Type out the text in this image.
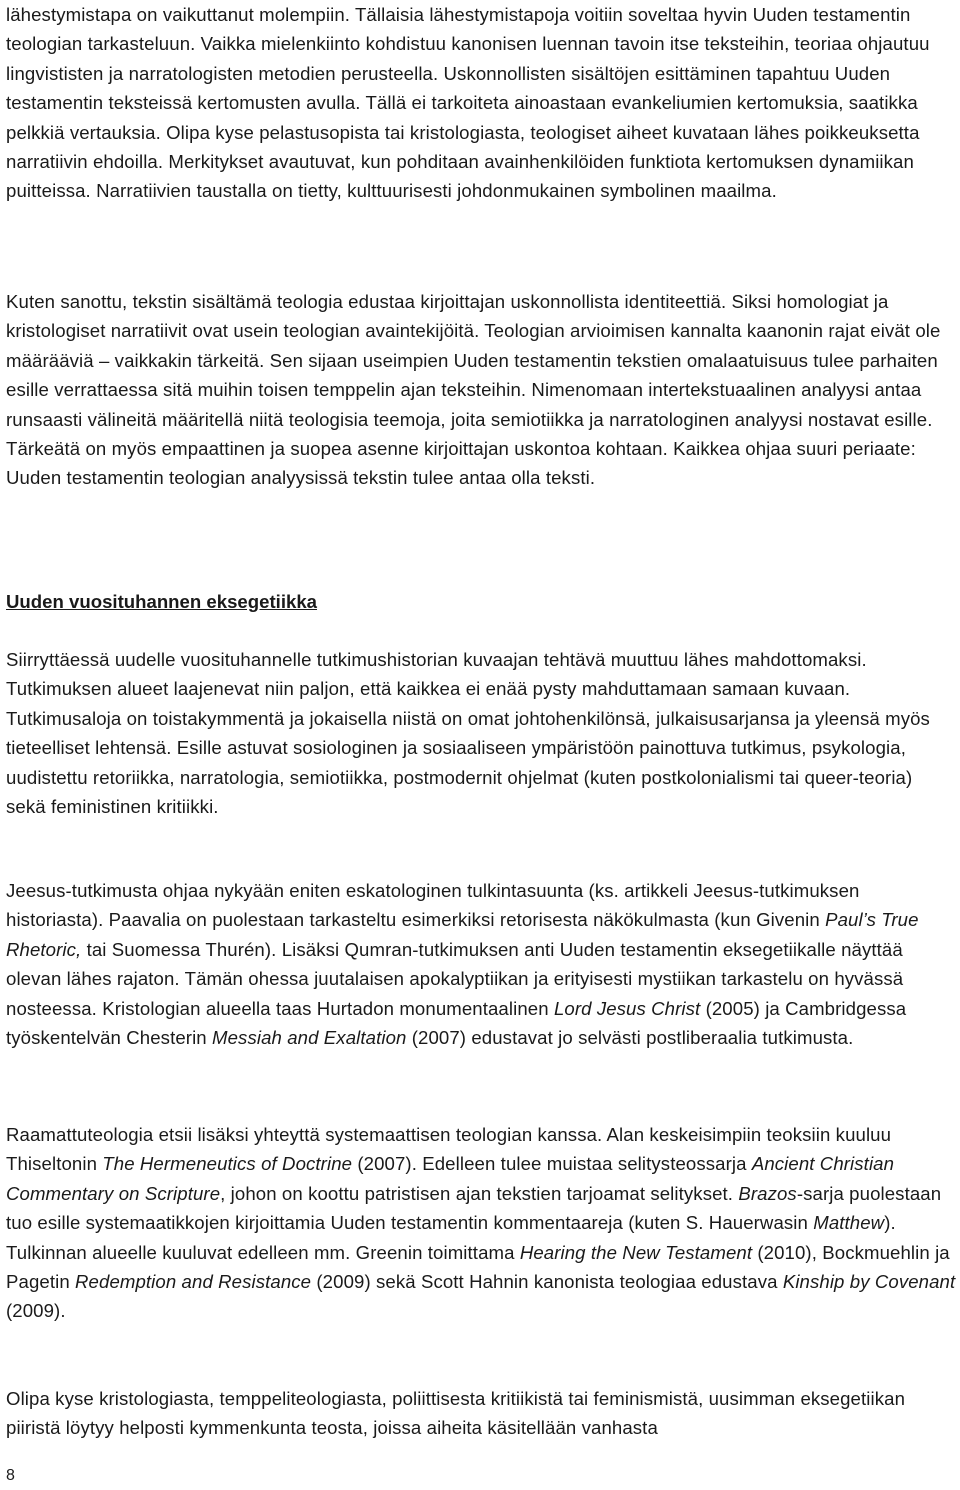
lähestymistapa on vaikuttanut molempiin. Tällaisia lähestymistapoja voitiin soveltaa hyvin Uuden testamentin teologian tarkasteluun. Vaikka mielenkiinto kohdistuu kanonisen luennan tavoin itse teksteihin, teoriaa ohjautuu lingvististen ja narratologisten metodien perusteella. Uskonnollisten sisältöjen esittäminen tapahtuu Uuden testamentin teksteissä kertomusten avulla. Tällä ei tarkoiteta ainoastaan evankeliumien kertomuksia, saatikka pelkkiä vertauksia. Olipa kyse pelastusopista tai kristologiasta, teologiset aiheet kuvataan lähes poikkeuksetta narratiivin ehdoilla. Merkitykset avautuvat, kun pohditaan avainhenkilöiden funktiota kertomuksen dynamiikan puitteissa. Narratiivien taustalla on tietty, kulttuurisesti johdonmukainen symbolinen maailma.

Kuten sanottu, tekstin sisältämä teologia edustaa kirjoittajan uskonnollista identiteettiä. Siksi homologiat ja kristologiset narratiivit ovat usein teologian avaintekijöitä. Teologian arvioimisen kannalta kaanonin rajat eivät ole määrääviä – vaikkakin tärkeitä. Sen sijaan useimpien Uuden testamentin tekstien omalaatuisuus tulee parhaiten esille verrattaessa sitä muihin toisen temppelin ajan teksteihin. Nimenomaan intertekstuaalinen analyysi antaa runsaasti välineitä määritellä niitä teologisia teemoja, joita semiotiikka ja narratologinen analyysi nostavat esille. Tärkeätä on myös empaattinen ja suopea asenne kirjoittajan uskontoa kohtaan. Kaikkea ohjaa suuri periaate: Uuden testamentin teologian analyysissä tekstin tulee antaa olla teksti.

Uuden vuosituhannen eksegetiikka

Siirryttäessä uudelle vuosituhannelle tutkimushistorian kuvaajan tehtävä muuttuu lähes mahdottomaksi. Tutkimuksen alueet laajenevat niin paljon, että kaikkea ei enää pysty mahduttamaan samaan kuvaan. Tutkimusaloja on toistakymmentä ja jokaisella niistä on omat johtohenkilönsä, julkaisusarjansa ja yleensä myös tieteelliset lehtensä. Esille astuvat sosiologinen ja sosiaaliseen ympäristöön painottuva tutkimus, psykologia, uudistettu retoriikka, narratologia, semiotiikka, postmodernit ohjelmat (kuten postkolonialismi tai queer-teoria) sekä feministinen kritiikki.

Jeesus-tutkimusta ohjaa nykyään eniten eskatologinen tulkintasuunta (ks. artikkeli Jeesus-tutkimuksen historiasta). Paavalia on puolestaan tarkasteltu esimerkiksi retorisesta näkökulmasta (kun Givenin Paul’s True Rhetoric, tai Suomessa Thurén). Lisäksi Qumran-tutkimuksen anti Uuden testamentin eksegetiikalle näyttää olevan lähes rajaton. Tämän ohessa juutalaisen apokalyptiikan ja erityisesti mystiikan tarkastelu on hyvässä nosteessa. Kristologian alueella taas Hurtadon monumentaalinen Lord Jesus Christ (2005) ja Cambridgessa työskentelvän Chesterin Messiah and Exaltation (2007) edustavat jo selvästi postliberaalia tutkimusta.

Raamattuteologia etsii lisäksi yhteyttä systemaattisen teologian kanssa. Alan keskeisimpiin teoksiin kuuluu Thiseltonin The Hermeneutics of Doctrine (2007). Edelleen tulee muistaa selitysteossarja Ancient Christian Commentary on Scripture, johon on koottu patristisen ajan tekstien tarjoamat selitykset. Brazos-sarja puolestaan tuo esille systemaatikkojen kirjoittamia Uuden testamentin kommentaareja (kuten S. Hauerwasin Matthew). Tulkinnan alueelle kuuluvat edelleen mm. Greenin toimittama Hearing the New Testament (2010), Bockmuehlin ja Pagetin Redemption and Resistance (2009) sekä Scott Hahnin kanonista teologiaa edustava Kinship by Covenant (2009).

Olipa kyse kristologiasta, temppeliteologiasta, poliittisesta kritiikistä tai feminismistä, uusimman eksegetiikan piiristä löytyy helposti kymmenkunta teosta, joissa aiheita käsitellään vanhasta

8
